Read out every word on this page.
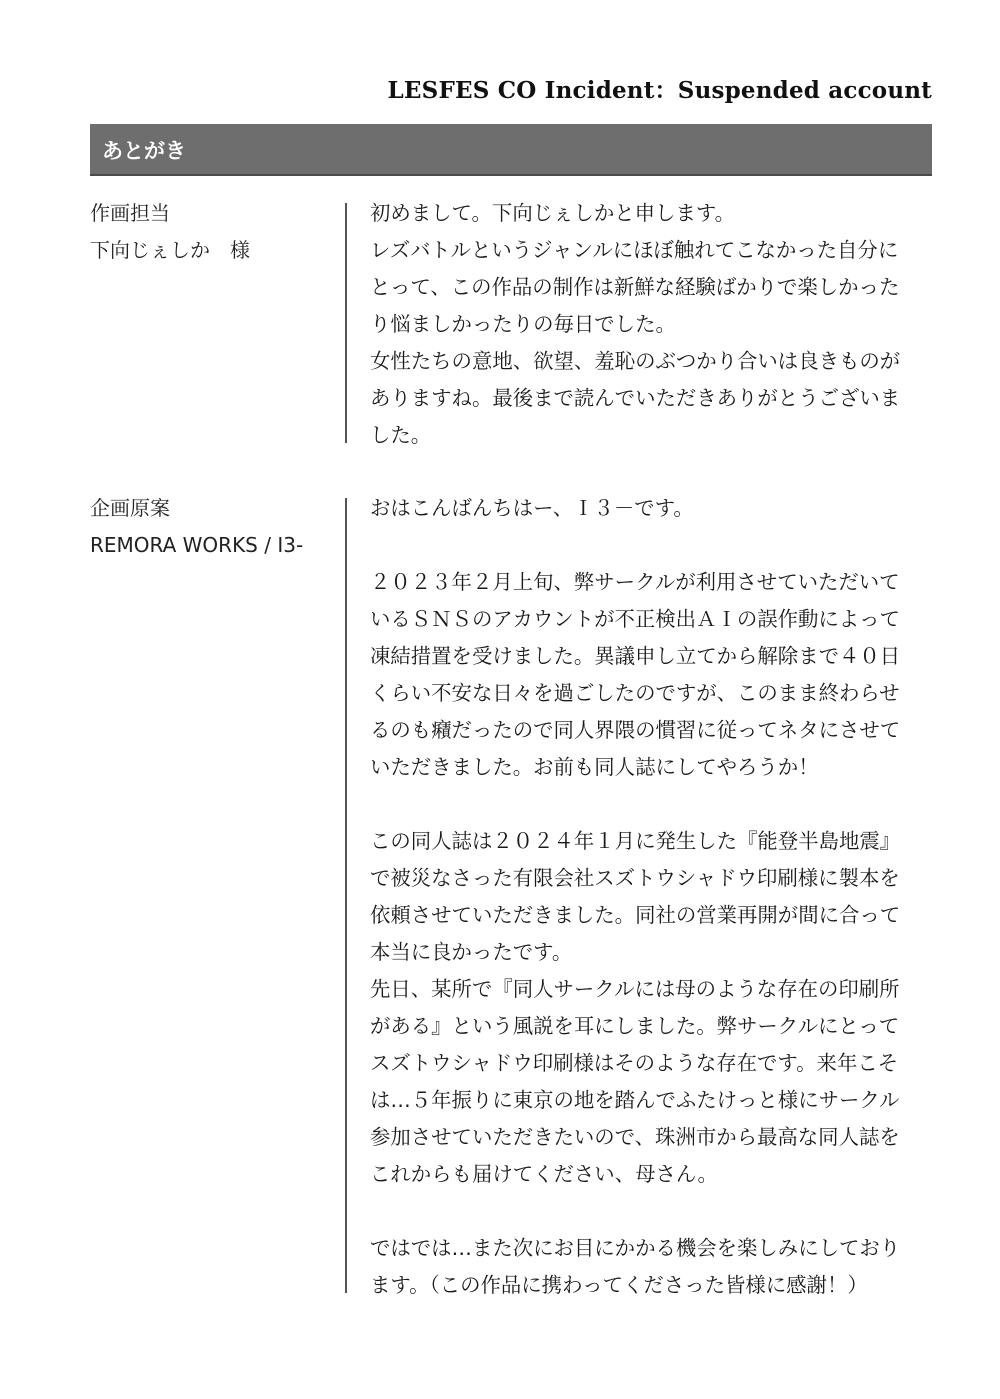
LESFES CO Incident：Suspended account
あとがき
作画担当
下向じぇしか　様

初めまして。下向じぇしかと申します。

レズバトルというジャンルにほぼ触れてこなかった自分に

とって、この作品の制作は新鮮な経験ばかりで楽しかった

り悩ましかったりの毎日でした。

女性たちの意地、欲望、羞恥のぶつかり合いは良きものが

ありますね。最後まで読んでいただきありがとうございま

した。

企画原案
REMORA WORKS / I3-

おはこんばんちはー、Ｉ３－です。

２０２３年２月上旬、弊サークルが利用させていただいて

いるＳＮＳのアカウントが不正検出ＡＩの誤作動によって

凍結措置を受けました。異議申し立てから解除まで４０日

くらい不安な日々を過ごしたのですが、このまま終わらせ

るのも癪だったので同人界隈の慣習に従ってネタにさせて

いただきました。お前も同人誌にしてやろうか！

この同人誌は２０２４年１月に発生した『能登半島地震』

で被災なさった有限会社スズトウシャドウ印刷様に製本を

依頼させていただきました。同社の営業再開が間に合って

本当に良かったです。

先日、某所で『同人サークルには母のような存在の印刷所

がある』という風説を耳にしました。弊サークルにとって

スズトウシャドウ印刷様はそのような存在です。来年こそ

は…５年振りに東京の地を踏んでふたけっと様にサークル

参加させていただきたいので、珠洲市から最高な同人誌を

これからも届けてください、母さん。

ではでは…また次にお目にかかる機会を楽しみにしており

ます。（この作品に携わってくださった皆様に感謝！）
